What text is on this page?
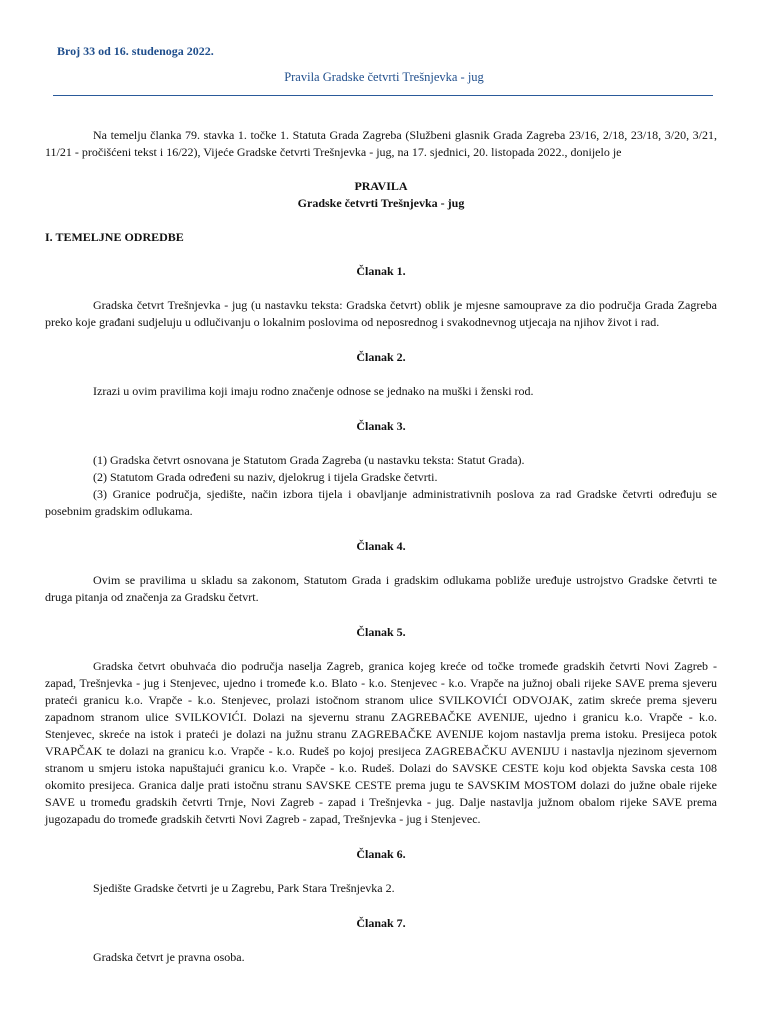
Broj 33 od 16. studenoga 2022.
Pravila Gradske četvrti Trešnjevka - jug

Na temelju članka 79. stavka 1. točke 1. Statuta Grada Zagreba (Službeni glasnik Grada Zagreba 23/16, 2/18, 23/18, 3/20, 3/21, 11/21 - pročišćeni tekst i 16/22), Vijeće Gradske četvrti Trešnjevka - jug, na 17. sjednici, 20. listopada 2022., donijelo je

PRAVILA

Gradske četvrti Trešnjevka - jug

I. TEMELJNE ODREDBE

Članak 1.

Gradska četvrt Trešnjevka - jug (u nastavku teksta: Gradska četvrt) oblik je mjesne samouprave za dio područja Grada Zagreba preko koje građani sudjeluju u odlučivanju o lokalnim poslovima od neposrednog i svakodnevnog utjecaja na njihov život i rad.

Članak 2.

Izrazi u ovim pravilima koji imaju rodno značenje odnose se jednako na muški i ženski rod.

Članak 3.

(1) Gradska četvrt osnovana je Statutom Grada Zagreba (u nastavku teksta: Statut Grada).

(2) Statutom Grada određeni su naziv, djelokrug i tijela Gradske četvrti.

(3) Granice područja, sjedište, način izbora tijela i obavljanje administrativnih poslova za rad Gradske četvrti određuju se posebnim gradskim odlukama.

Članak 4.

Ovim se pravilima u skladu sa zakonom, Statutom Grada i gradskim odlukama pobliže uređuje ustrojstvo Gradske četvrti te druga pitanja od značenja za Gradsku četvrt.

Članak 5.

Gradska četvrt obuhvaća dio područja naselja Zagreb, granica kojeg kreće od točke tromeđe gradskih četvrti Novi Zagreb - zapad, Trešnjevka - jug i Stenjevec, ujedno i tromeđe k.o. Blato - k.o. Stenjevec - k.o. Vrapče na južnoj obali rijeke SAVE prema sjeveru prateći granicu k.o. Vrapče - k.o. Stenjevec, prolazi istočnom stranom ulice SVILKOVIĆI ODVOJAK, zatim skreće prema sjeveru zapadnom stranom ulice SVILKOVIĆI. Dolazi na sjevernu stranu ZAGREBAČKE AVENIJE, ujedno i granicu k.o. Vrapče - k.o. Stenjevec, skreće na istok i prateći je dolazi na južnu stranu ZAGREBAČKE AVENIJE kojom nastavlja prema istoku. Presijeca potok VRAPČAK te dolazi na granicu k.o. Vrapče - k.o. Rudeš po kojoj presijeca ZAGREBAČKU AVENIJU i nastavlja njezinom sjevernom stranom u smjeru istoka napuštajući granicu k.o. Vrapče - k.o. Rudeš. Dolazi do SAVSKE CESTE koju kod objekta Savska cesta 108 okomito presijeca. Granica dalje prati istočnu stranu SAVSKE CESTE prema jugu te SAVSKIM MOSTOM dolazi do južne obale rijeke SAVE u tromeđu gradskih četvrti Trnje, Novi Zagreb - zapad i Trešnjevka - jug. Dalje nastavlja južnom obalom rijeke SAVE prema jugozapadu do tromeđe gradskih četvrti Novi Zagreb - zapad, Trešnjevka - jug i Stenjevec.

Članak 6.

Sjedište Gradske četvrti je u Zagrebu, Park Stara Trešnjevka 2.

Članak 7.

Gradska četvrt je pravna osoba.
